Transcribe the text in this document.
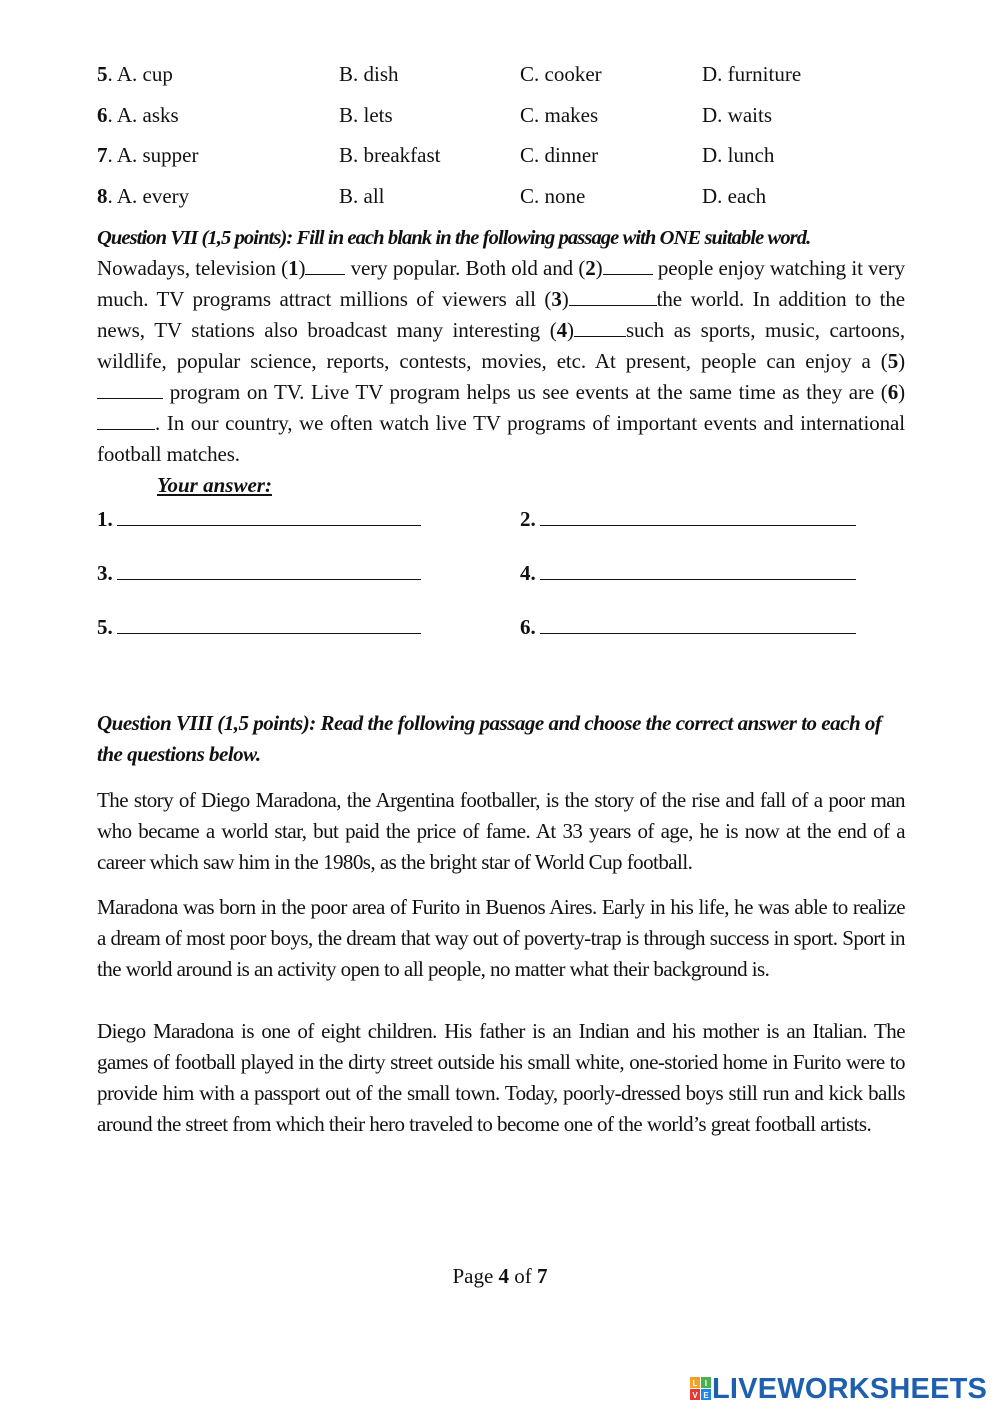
5. A. cup	B. dish	C. cooker	D. furniture
6. A. asks	B. lets	C. makes	D. waits
7. A. supper	B. breakfast	C. dinner	D. lunch
8. A. every	B. all	C. none	D. each
Question VII (1,5 points): Fill in each blank in the following passage with ONE suitable word.
Nowadays, television (1) very popular. Both old and (2) people enjoy watching it very much. TV programs attract millions of viewers all (3)	the world. In addition to the news, TV stations also broadcast many interesting (4) such as sports, music, cartoons, wildlife, popular science, reports, contests, movies, etc. At present, people can enjoy a (5) program on TV. Live TV program helps us see events at the same time as they are (6). In our country, we often watch live TV programs of important events and international football matches.
Your answer:
1.	2.
3.	4.
5.	6.
Question VIII (1,5 points): Read the following passage and choose the correct answer to each of the questions below.
The story of Diego Maradona, the Argentina footballer, is the story of the rise and fall of a poor man who became a world star, but paid the price of fame. At 33 years of age, he is now at the end of a career which saw him in the 1980s, as the bright star of World Cup football.
Maradona was born in the poor area of Furito in Buenos Aires. Early in his life, he was able to realize a dream of most poor boys, the dream that way out of poverty-trap is through success in sport. Sport in the world around is an activity open to all people, no matter what their background is.
Diego Maradona is one of eight children. His father is an Indian and his mother is an Italian. The games of football played in the dirty street outside his small white, one-storied home in Furito were to provide him with a passport out of the small town. Today, poorly-dressed boys still run and kick balls around the street from which their hero traveled to become one of the world’s great football artists.
Page 4 of 7
L I
V E LIVEWORKSHEETS
